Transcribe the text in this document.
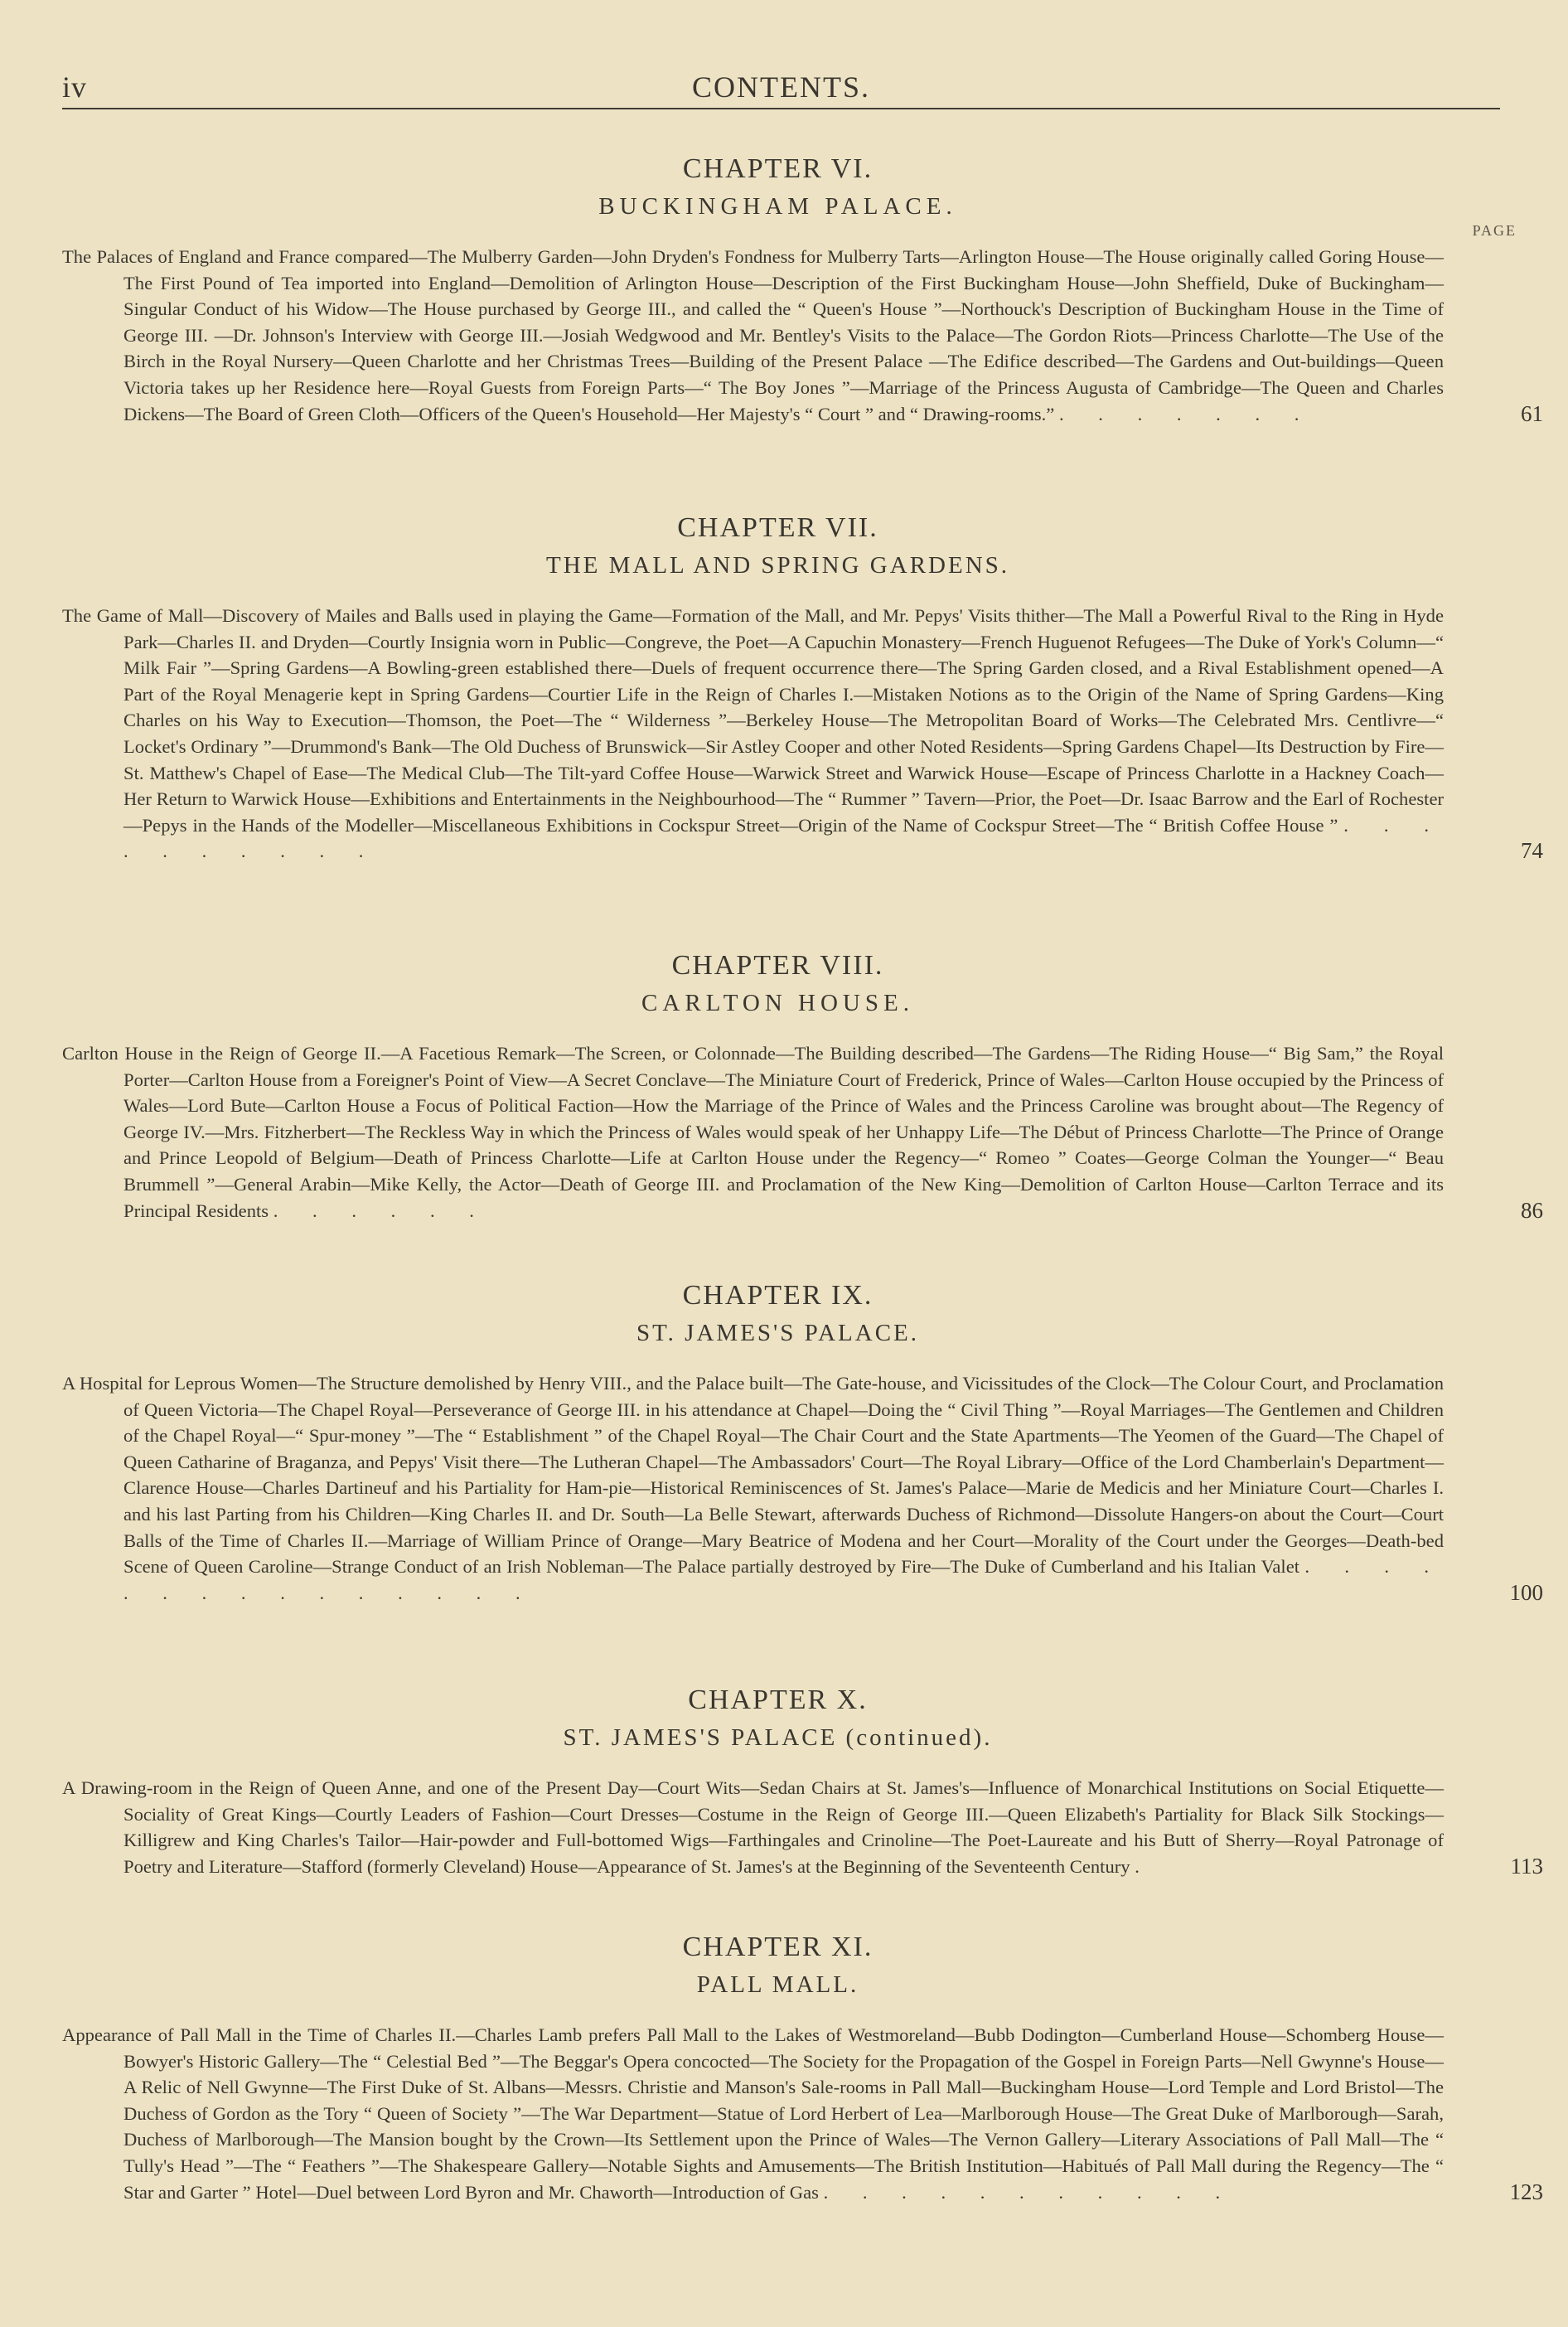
iv	CONTENTS.
PAGE
CHAPTER VI.
BUCKINGHAM PALACE.
The Palaces of England and France compared—The Mulberry Garden—John Dryden's Fondness for Mulberry Tarts—Arlington House—The House originally called Goring House—The First Pound of Tea imported into England—Demolition of Arlington House—Description of the First Buckingham House—John Sheffield, Duke of Buckingham—Singular Conduct of his Widow—The House purchased by George III., and called the “ Queen's House ”—Northouck's Description of Buckingham House in the Time of George III. —Dr. Johnson's Interview with George III.—Josiah Wedgwood and Mr. Bentley's Visits to the Palace—The Gordon Riots—Princess Charlotte—The Use of the Birch in the Royal Nursery—Queen Charlotte and her Christmas Trees—Building of the Present Palace —The Edifice described—The Gardens and Out-buildings—Queen Victoria takes up her Residence here—Royal Guests from Foreign Parts—“ The Boy Jones ”—Marriage of the Princess Augusta of Cambridge—The Queen and Charles Dickens—The Board of Green Cloth—Officers of the Queen's Household—Her Majesty's “ Court ” and “ Drawing-rooms.” . . . . . . .	61
CHAPTER VII.
THE MALL AND SPRING GARDENS.
The Game of Mall—Discovery of Mailes and Balls used in playing the Game—Formation of the Mall, and Mr. Pepys' Visits thither—The Mall a Powerful Rival to the Ring in Hyde Park—Charles II. and Dryden—Courtly Insignia worn in Public—Congreve, the Poet—A Capuchin Monastery—French Huguenot Refugees—The Duke of York's Column—“ Milk Fair ”—Spring Gardens—A Bowling-green established there—Duels of frequent occurrence there—The Spring Garden closed, and a Rival Establishment opened—A Part of the Royal Menagerie kept in Spring Gardens—Courtier Life in the Reign of Charles I.—Mistaken Notions as to the Origin of the Name of Spring Gardens—King Charles on his Way to Execution—Thomson, the Poet—The “ Wilderness ”—Berkeley House—The Metropolitan Board of Works—The Celebrated Mrs. Centlivre—“ Locket's Ordinary ”—Drummond's Bank—The Old Duchess of Brunswick—Sir Astley Cooper and other Noted Residents—Spring Gardens Chapel—Its Destruction by Fire—St. Matthew's Chapel of Ease—The Medical Club—The Tilt-yard Coffee House—Warwick Street and Warwick House—Escape of Princess Charlotte in a Hackney Coach—Her Return to Warwick House—Exhibitions and Entertainments in the Neighbourhood—The “ Rummer ” Tavern—Prior, the Poet—Dr. Isaac Barrow and the Earl of Rochester—Pepys in the Hands of the Modeller—Miscellaneous Exhibitions in Cockspur Street—Origin of the Name of Cockspur Street—The “ British Coffee House ” . . . . . . . . . .	74
CHAPTER VIII.
CARLTON HOUSE.
Carlton House in the Reign of George II.—A Facetious Remark—The Screen, or Colonnade—The Building described—The Gardens—The Riding House—“ Big Sam,” the Royal Porter—Carlton House from a Foreigner's Point of View—A Secret Conclave—The Miniature Court of Frederick, Prince of Wales—Carlton House occupied by the Princess of Wales—Lord Bute—Carlton House a Focus of Political Faction—How the Marriage of the Prince of Wales and the Princess Caroline was brought about—The Regency of George IV.—Mrs. Fitzherbert—The Reckless Way in which the Princess of Wales would speak of her Unhappy Life—The Début of Princess Charlotte—The Prince of Orange and Prince Leopold of Belgium—Death of Princess Charlotte—Life at Carlton House under the Regency—“ Romeo ” Coates—George Colman the Younger—“ Beau Brummell ”—General Arabin—Mike Kelly, the Actor—Death of George III. and Proclamation of the New King—Demolition of Carlton House—Carlton Terrace and its Principal Residents . . . . . .	86
CHAPTER IX.
ST. JAMES'S PALACE.
A Hospital for Leprous Women—The Structure demolished by Henry VIII., and the Palace built—The Gate-house, and Vicissitudes of the Clock—The Colour Court, and Proclamation of Queen Victoria—The Chapel Royal—Perseverance of George III. in his attendance at Chapel—Doing the “ Civil Thing ”—Royal Marriages—The Gentlemen and Children of the Chapel Royal—“ Spur-money ”—The “ Establishment ” of the Chapel Royal—The Chair Court and the State Apartments—The Yeomen of the Guard—The Chapel of Queen Catharine of Braganza, and Pepys' Visit there—The Lutheran Chapel—The Ambassadors' Court—The Royal Library—Office of the Lord Chamberlain's Department—Clarence House—Charles Dartineuf and his Partiality for Ham-pie—Historical Reminiscences of St. James's Palace—Marie de Medicis and her Miniature Court—Charles I. and his last Parting from his Children—King Charles II. and Dr. South—La Belle Stewart, afterwards Duchess of Richmond—Dissolute Hangers-on about the Court—Court Balls of the Time of Charles II.—Marriage of William Prince of Orange—Mary Beatrice of Modena and her Court—Morality of the Court under the Georges—Death-bed Scene of Queen Caroline—Strange Conduct of an Irish Nobleman—The Palace partially destroyed by Fire—The Duke of Cumberland and his Italian Valet . . . . . . . . . . . . . . .	100
CHAPTER X.
ST. JAMES'S PALACE (continued).
A Drawing-room in the Reign of Queen Anne, and one of the Present Day—Court Wits—Sedan Chairs at St. James's—Influence of Monarchical Institutions on Social Etiquette—Sociality of Great Kings—Courtly Leaders of Fashion—Court Dresses—Costume in the Reign of George III.—Queen Elizabeth's Partiality for Black Silk Stockings—Killigrew and King Charles's Tailor—Hair-powder and Full-bottomed Wigs—Farthingales and Crinoline—The Poet-Laureate and his Butt of Sherry—Royal Patronage of Poetry and Literature—Stafford (formerly Cleveland) House—Appearance of St. James's at the Beginning of the Seventeenth Century .	113
CHAPTER XI.
PALL MALL.
Appearance of Pall Mall in the Time of Charles II.—Charles Lamb prefers Pall Mall to the Lakes of Westmoreland—Bubb Dodington—Cumberland House—Schomberg House—Bowyer's Historic Gallery—The “ Celestial Bed ”—The Beggar's Opera concocted—The Society for the Propagation of the Gospel in Foreign Parts—Nell Gwynne's House—A Relic of Nell Gwynne—The First Duke of St. Albans—Messrs. Christie and Manson's Sale-rooms in Pall Mall—Buckingham House—Lord Temple and Lord Bristol—The Duchess of Gordon as the Tory “ Queen of Society ”—The War Department—Statue of Lord Herbert of Lea—Marlborough House—The Great Duke of Marlborough—Sarah, Duchess of Marlborough—The Mansion bought by the Crown—Its Settlement upon the Prince of Wales—The Vernon Gallery—Literary Associations of Pall Mall—The “ Tully's Head ”—The “ Feathers ”—The Shakespeare Gallery—Notable Sights and Amusements—The British Institution—Habitués of Pall Mall during the Regency—The “ Star and Garter ” Hotel—Duel between Lord Byron and Mr. Chaworth—Introduction of Gas . . . . . . . . . . .	123
